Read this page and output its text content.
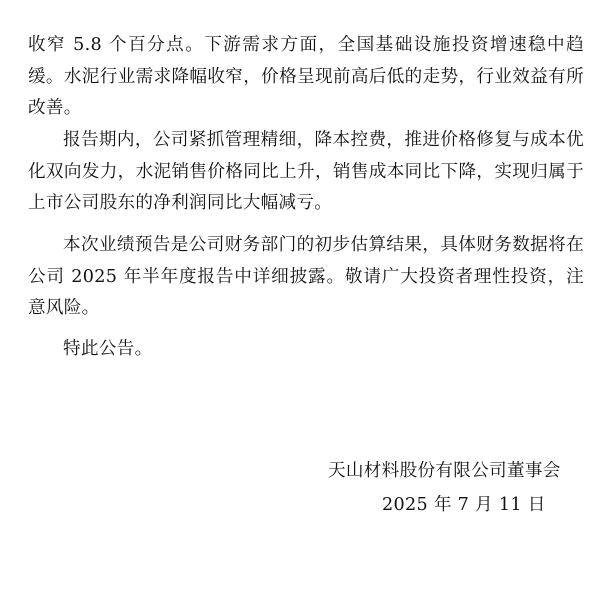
收窄 5.8 个百分点。下游需求方面，全国基础设施投资增速稳中趋缓。水泥行业需求降幅收窄，价格呈现前高后低的走势，行业效益有所改善。

报告期内，公司紧抓管理精细，降本控费，推进价格修复与成本优化双向发力，水泥销售价格同比上升，销售成本同比下降，实现归属于上市公司股东的净利润同比大幅减亏。

本次业绩预告是公司财务部门的初步估算结果，具体财务数据将在公司 2025 年半年度报告中详细披露。敬请广大投资者理性投资，注意风险。

特此公告。

天山材料股份有限公司董事会
2025 年 7 月 11 日
